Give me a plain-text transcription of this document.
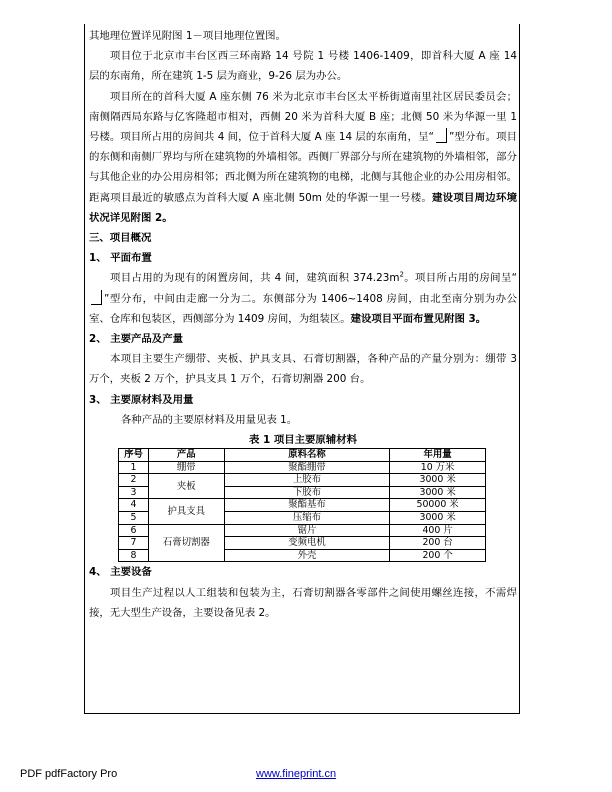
其地理位置详见附图 1－项目地理位置图。

项目位于北京市丰台区西三环南路 14 号院 1 号楼 1406-1409，即首科大厦 A 座 14 层的东南角，所在建筑 1-5 层为商业，9-26 层为办公。

项目所在的首科大厦 A 座东侧 76 米为北京市丰台区太平桥街道南里社区居民委员会；南侧隔西局东路与亿客隆超市相对，西侧 20 米为首科大厦 B 座；北侧 50 米为华源一里 1 号楼。项目所占用的房间共 4 间，位于首科大厦 A 座 14 层的东南角，呈“ ”型分布。项目的东侧和南侧厂界均与所在建筑物的外墙相邻。西侧厂界部分与所在建筑物的外墙相邻，部分与其他企业的办公用房相邻；西北侧为所在建筑物的电梯，北侧与其他企业的办公用房相邻。距离项目最近的敏感点为首科大厦 A 座北侧 50m 处的华源一里一号楼。建设项目周边环境状况详见附图 2。

三、项目概况

1、 平面布置

项目占用的为现有的闲置房间，共 4 间，建筑面积 $374.23m^2$。项目所占用的房间呈“”型分布，中间由走廊一分为二。东侧部分为 1406~1408 房间，由北至南分别为办公室、仓库和包装区，西侧部分为 1409 房间，为组装区。建设项目平面布置见附图 3。

2、 主要产品及产量

本项目主要生产绷带、夹板、护具支具、石膏切割器，各种产品的产量分别为：绷带 3 万个，夹板 2 万个，护具支具 1 万个，石膏切割器 200 台。

3、 主要原材料及用量

各种产品的主要原材料及用量见表 1。

表 1 项目主要原辅材料
序号	产品	原料名称	年用量
1	绷带	聚酯绷带	10 万米
2	夹板	上胶布	3000 米
3		下胶布	3000 米
4	护具支具	聚酯基布	50000 米
5		压缩布	3000 米
6	石膏切割器	锯片	400 片
7		变频电机	200 台
8		外壳	200 个

4、 主要设备

项目生产过程以人工组装和包装为主，石膏切割器各零部件之间使用螺丝连接，不需焊接，无大型生产设备，主要设备见表 2。

PDF pdfFactory Pro	www.fineprint.cn
